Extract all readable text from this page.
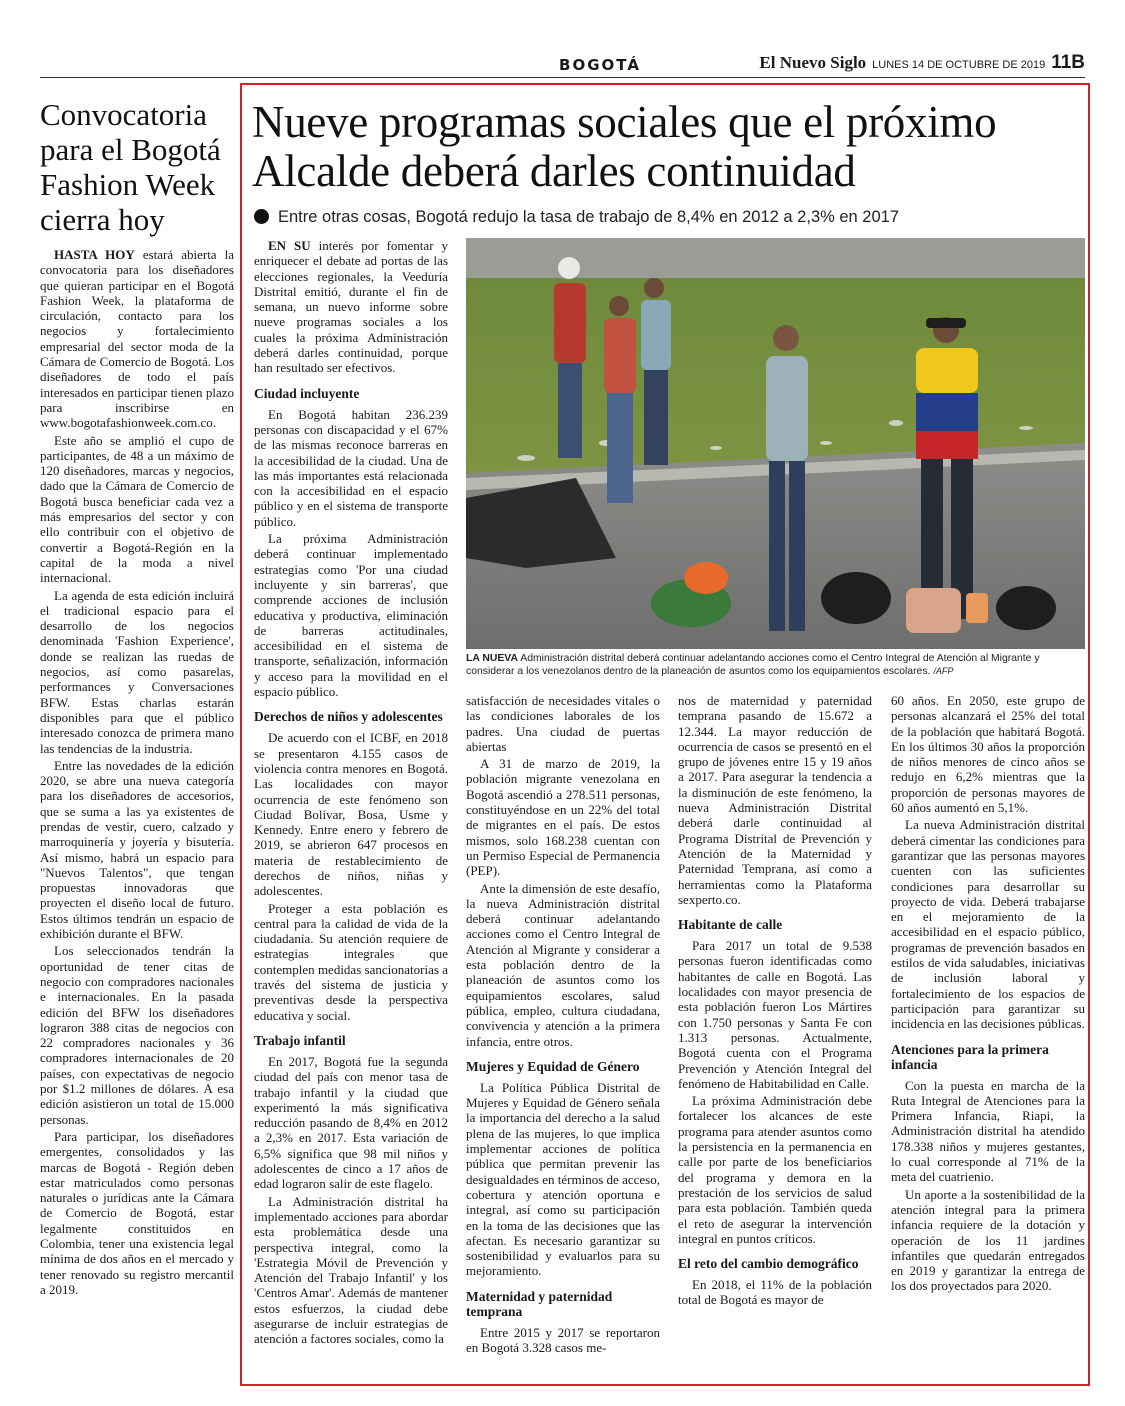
BOGOTÁ	El Nuevo Siglo LUNES 14 DE OCTUBRE DE 2019 11B
Convocatoria para el Bogotá Fashion Week cierra hoy

HASTA HOY estará abierta la convocatoria para los diseñadores que quieran participar en el Bogotá Fashion Week, la plataforma de circulación, contacto para los negocios y fortalecimiento empresarial del sector moda de la Cámara de Comercio de Bogotá. Los diseñadores de todo el país interesados en participar tienen plazo para inscribirse en www.bogotafashionweek.com.co.

Este año se amplió el cupo de participantes, de 48 a un máximo de 120 diseñadores, marcas y negocios, dado que la Cámara de Comercio de Bogotá busca beneficiar cada vez a más empresarios del sector y con ello contribuir con el objetivo de convertir a Bogotá-Región en la capital de la moda a nivel internacional.

La agenda de esta edición incluirá el tradicional espacio para el desarrollo de los negocios denominada 'Fashion Experience', donde se realizan las ruedas de negocios, así como pasarelas, performances y Conversaciones BFW. Estas charlas estarán disponibles para que el público interesado conozca de primera mano las tendencias de la industria.

Entre las novedades de la edición 2020, se abre una nueva categoría para los diseñadores de accesorios, que se suma a las ya existentes de prendas de vestir, cuero, calzado y marroquinería y joyería y bisutería. Así mismo, habrá un espacio para "Nuevos Talentos", que tengan propuestas innovadoras que proyecten el diseño local de futuro. Estos últimos tendrán un espacio de exhibición durante el BFW.

Los seleccionados tendrán la oportunidad de tener citas de negocio con compradores nacionales e internacionales. En la pasada edición del BFW los diseñadores lograron 388 citas de negocios con 22 compradores nacionales y 36 compradores internacionales de 20 países, con expectativas de negocio por $1.2 millones de dólares. A esa edición asistieron un total de 15.000 personas.

Para participar, los diseñadores emergentes, consolidados y las marcas de Bogotá - Región deben estar matriculados como personas naturales o jurídicas ante la Cámara de Comercio de Bogotá, estar legalmente constituidos en Colombia, tener una existencia legal mínima de dos años en el mercado y tener renovado su registro mercantil a 2019.

Nueve programas sociales que el próximo Alcalde deberá darles continuidad
Entre otras cosas, Bogotá redujo la tasa de trabajo de 8,4% en 2012 a 2,3% en 2017

EN SU interés por fomentar y enriquecer el debate ad portas de las elecciones regionales, la Veeduría Distrital emitió, durante el fin de semana, un nuevo informe sobre nueve programas sociales a los cuales la próxima Administración deberá darles continuidad, porque han resultado ser efectivos.

Ciudad incluyente

En Bogotá habitan 236.239 personas con discapacidad y el 67% de las mismas reconoce barreras en la accesibilidad de la ciudad. Una de las más importantes está relacionada con la accesibilidad en el espacio público y en el sistema de transporte público.

La próxima Administración deberá continuar implementado estrategias como 'Por una ciudad incluyente y sin barreras', que comprende acciones de inclusión educativa y productiva, eliminación de barreras actitudinales, accesibilidad en el sistema de transporte, señalización, información y acceso para la movilidad en el espacio público.

Derechos de niños y adolescentes

De acuerdo con el ICBF, en 2018 se presentaron 4.155 casos de violencia contra menores en Bogotá. Las localidades con mayor ocurrencia de este fenómeno son Ciudad Bolívar, Bosa, Usme y Kennedy. Entre enero y febrero de 2019, se abrieron 647 procesos en materia de restablecimiento de derechos de niños, niñas y adolescentes.

Proteger a esta población es central para la calidad de vida de la ciudadanía. Su atención requiere de estrategias integrales que contemplen medidas sancionatorias a través del sistema de justicia y preventivas desde la perspectiva educativa y social.

Trabajo infantil

En 2017, Bogotá fue la segunda ciudad del país con menor tasa de trabajo infantil y la ciudad que experimentó la más significativa reducción pasando de 8,4% en 2012 a 2,3% en 2017. Esta variación de 6,5% significa que 98 mil niños y adolescentes de cinco a 17 años de edad lograron salir de este flagelo.

La Administración distrital ha implementado acciones para abordar esta problemática desde una perspectiva integral, como la 'Estrategia Móvil de Prevención y Atención del Trabajo Infantil' y los 'Centros Amar'. Además de mantener estos esfuerzos, la ciudad debe asegurarse de incluir estrategias de atención a factores sociales, como la

LA NUEVA Administración distrital deberá continuar adelantando acciones como el Centro Integral de Atención al Migrante y considerar a los venezolanos dentro de la planeación de asuntos como los equipamientos escolares. /AFP

satisfacción de necesidades vitales o las condiciones laborales de los padres. Una ciudad de puertas abiertas

A 31 de marzo de 2019, la población migrante venezolana en Bogotá ascendió a 278.511 personas, constituyéndose en un 22% del total de migrantes en el país. De estos mismos, solo 168.238 cuentan con un Permiso Especial de Permanencia (PEP).

Ante la dimensión de este desafío, la nueva Administración distrital deberá continuar adelantando acciones como el Centro Integral de Atención al Migrante y considerar a esta población dentro de la planeación de asuntos como los equipamientos escolares, salud pública, empleo, cultura ciudadana, convivencia y atención a la primera infancia, entre otros.

Mujeres y Equidad de Género

La Política Pública Distrital de Mujeres y Equidad de Género señala la importancia del derecho a la salud plena de las mujeres, lo que implica implementar acciones de política pública que permitan prevenir las desigualdades en términos de acceso, cobertura y atención oportuna e integral, así como su participación en la toma de las decisiones que las afectan. Es necesario garantizar su sostenibilidad y evaluarlos para su mejoramiento.

Maternidad y paternidad temprana

Entre 2015 y 2017 se reportaron en Bogotá 3.328 casos me-

nos de maternidad y paternidad temprana pasando de 15.672 a 12.344. La mayor reducción de ocurrencia de casos se presentó en el grupo de jóvenes entre 15 y 19 años a 2017. Para asegurar la tendencia a la disminución de este fenómeno, la nueva Administración Distrital deberá darle continuidad al Programa Distrital de Prevención y Atención de la Maternidad y Paternidad Temprana, así como a herramientas como la Plataforma sexperto.co.

Habitante de calle

Para 2017 un total de 9.538 personas fueron identificadas como habitantes de calle en Bogotá. Las localidades con mayor presencia de esta población fueron Los Mártires con 1.750 personas y Santa Fe con 1.313 personas. Actualmente, Bogotá cuenta con el Programa Prevención y Atención Integral del fenómeno de Habitabilidad en Calle.

La próxima Administración debe fortalecer los alcances de este programa para atender asuntos como la persistencia en la permanencia en calle por parte de los beneficiarios del programa y demora en la prestación de los servicios de salud para esta población. También queda el reto de asegurar la intervención integral en puntos críticos.

El reto del cambio demográfico

En 2018, el 11% de la población total de Bogotá es mayor de

60 años. En 2050, este grupo de personas alcanzará el 25% del total de la población que habitará Bogotá. En los últimos 30 años la proporción de niños menores de cinco años se redujo en 6,2% mientras que la proporción de personas mayores de 60 años aumentó en 5,1%.

La nueva Administración distrital deberá cimentar las condiciones para garantizar que las personas mayores cuenten con las suficientes condiciones para desarrollar su proyecto de vida. Deberá trabajarse en el mejoramiento de la accesibilidad en el espacio público, programas de prevención basados en estilos de vida saludables, iniciativas de inclusión laboral y fortalecimiento de los espacios de participación para garantizar su incidencia en las decisiones públicas.

Atenciones para la primera infancia

Con la puesta en marcha de la Ruta Integral de Atenciones para la Primera Infancia, Riapi, la Administración distrital ha atendido 178.338 niños y mujeres gestantes, lo cual corresponde al 71% de la meta del cuatrienio.

Un aporte a la sostenibilidad de la atención integral para la primera infancia requiere de la dotación y operación de los 11 jardines infantiles que quedarán entregados en 2019 y garantizar la entrega de los dos proyectados para 2020.
